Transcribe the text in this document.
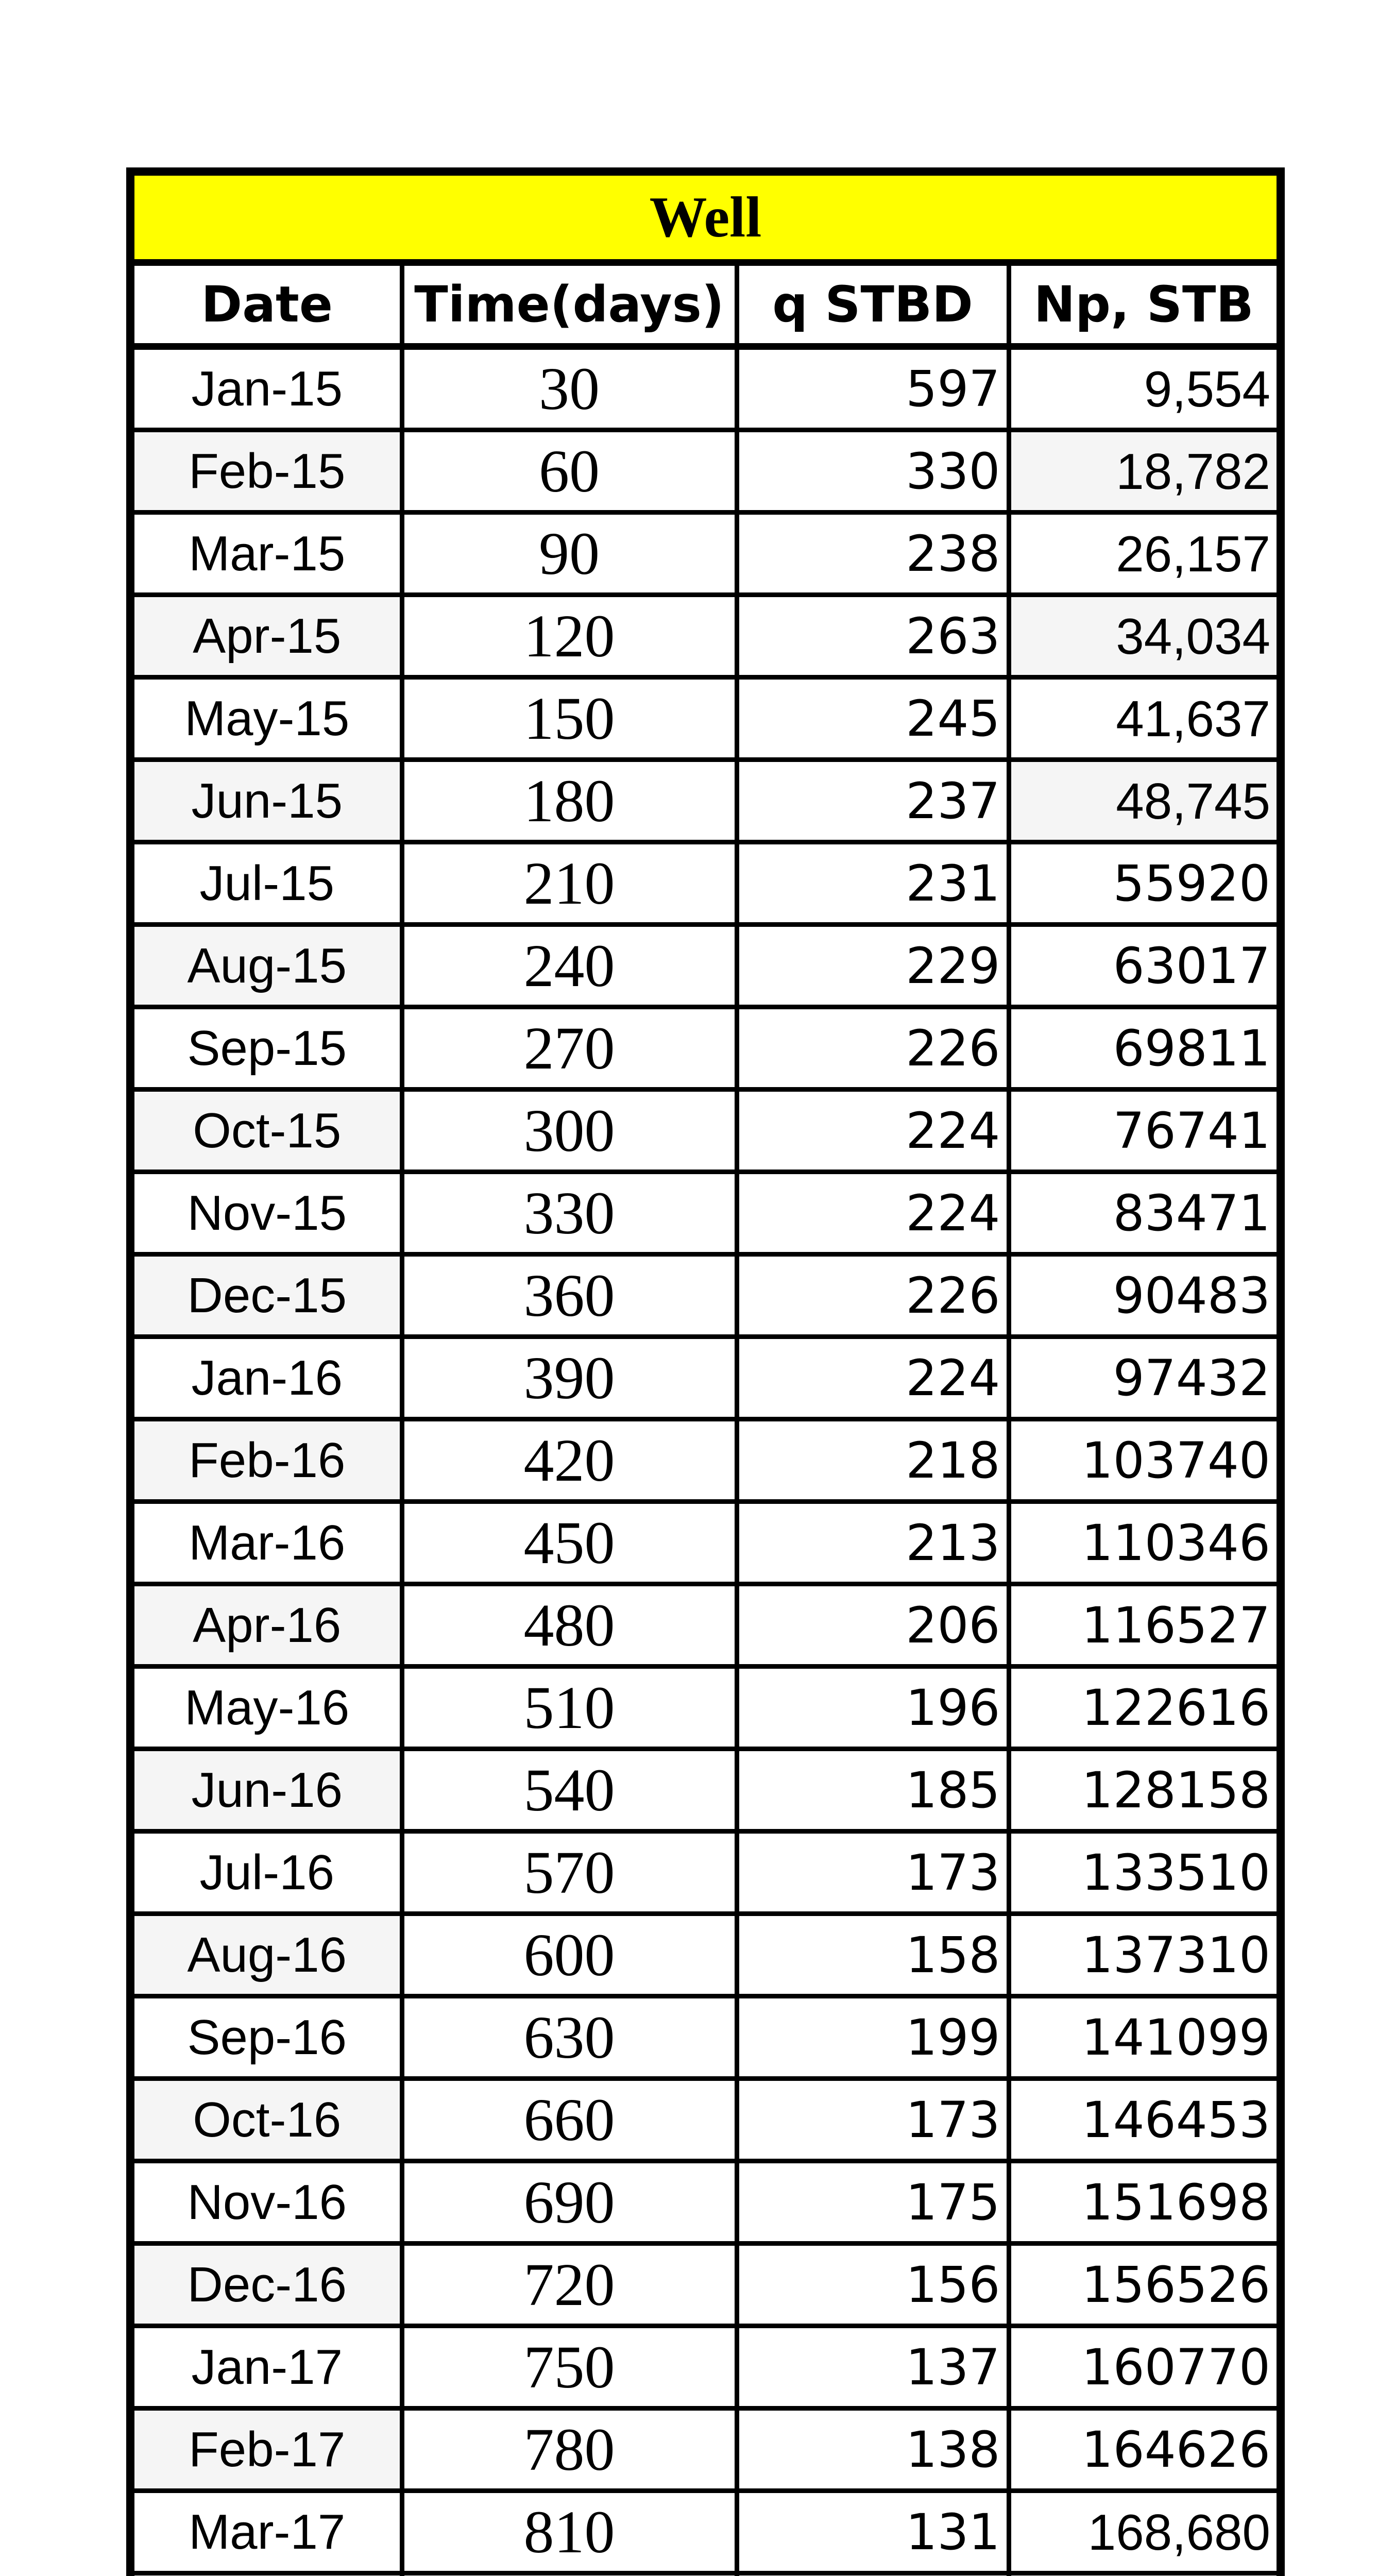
Well			
Date	Time(days)	q STBD	Np, STB
Jan-15	30	597	9,554
Feb-15	60	330	18,782
Mar-15	90	238	26,157
Apr-15	120	263	34,034
May-15	150	245	41,637
Jun-15	180	237	48,745
Jul-15	210	231	55920
Aug-15	240	229	63017
Sep-15	270	226	69811
Oct-15	300	224	76741
Nov-15	330	224	83471
Dec-15	360	226	90483
Jan-16	390	224	97432
Feb-16	420	218	103740
Mar-16	450	213	110346
Apr-16	480	206	116527
May-16	510	196	122616
Jun-16	540	185	128158
Jul-16	570	173	133510
Aug-16	600	158	137310
Sep-16	630	199	141099
Oct-16	660	173	146453
Nov-16	690	175	151698
Dec-16	720	156	156526
Jan-17	750	137	160770
Feb-17	780	138	164626
Mar-17	810	131	168,680
